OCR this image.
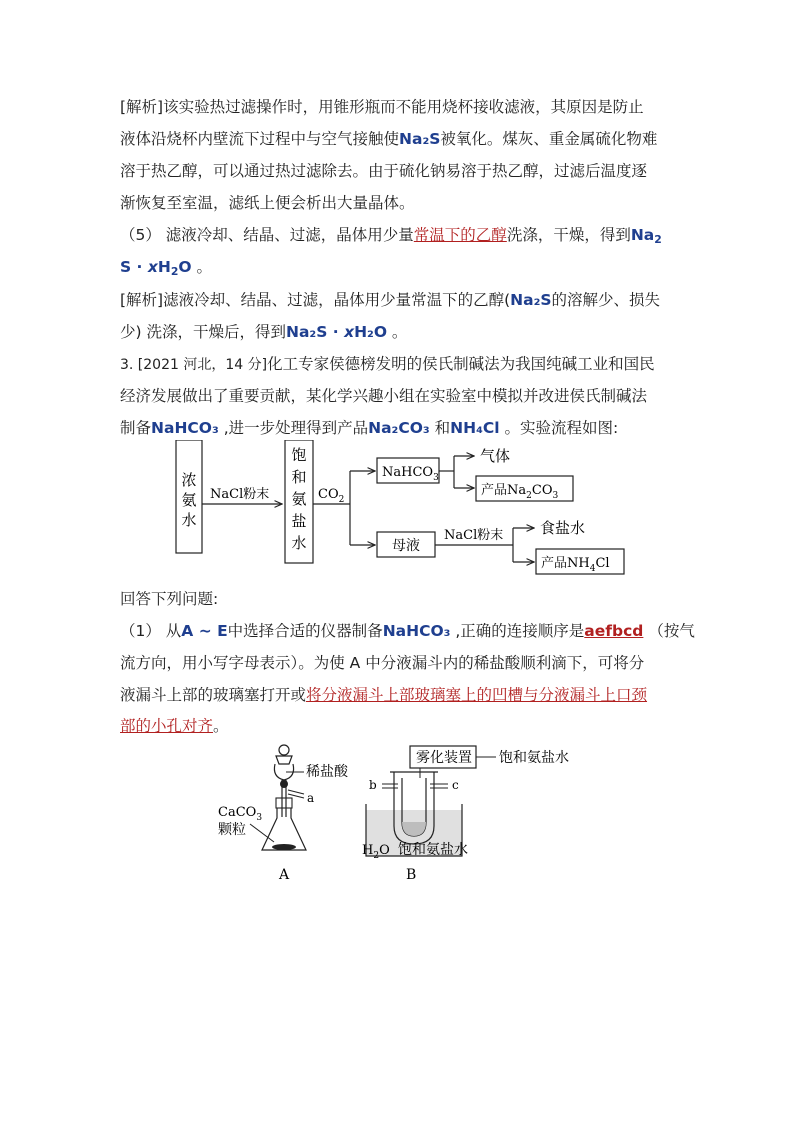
[解析]该实验热过滤操作时，用锥形瓶而不能用烧杯接收滤液，其原因是防止
液体沿烧杯内壁流下过程中与空气接触使Na₂S被氧化。煤灰、重金属硫化物难
溶于热乙醇，可以通过热过滤除去。由于硫化钠易溶于热乙醇，过滤后温度逐
渐恢复至室温，滤纸上便会析出大量晶体。
（5） 滤液冷却、结晶、过滤，晶体用少量常温下的乙醇洗涤，干燥，得到$Na_2$
$S \cdot xH_2O$ 。
[解析]滤液冷却、结晶、过滤，晶体用少量常温下的乙醇(Na₂S的溶解少、损失
少) 洗涤，干燥后，得到Na₂S · xH₂O 。
3. [2021 河北，14 分]化工专家侯德榜发明的侯氏制碱法为我国纯碱工业和国民
经济发展做出了重要贡献，某化学兴趣小组在实验室中模拟并改进侯氏制碱法
制备NaHCO₃ ,进一步处理得到产品Na₂CO₃ 和NH₄Cl 。实验流程如图:
浓
氨
水
NaCl粉末
饱
和
氨
盐
水
$CO_2$
NaHCO$_3$
气体
产品$Na_2CO_3$
母液
NaCl粉末 食盐水
产品$NH_4Cl$
回答下列问题:
（1） 从A ~ E中选择合适的仪器制备NaHCO₃ ,正确的连接顺序是aefbcd （按气
流方向，用小写字母表示）。为使 A 中分液漏斗内的稀盐酸顺利滴下，可将分
液漏斗上部的玻璃塞打开或将分液漏斗上部玻璃塞上的凹槽与分液漏斗上口颈
部的小孔对齐。
稀盐酸
a
CaCO$_3$
颗粒
A
雾化装置 饱和氨盐水
b	c
$H_2O$ 饱和氨盐水
B
